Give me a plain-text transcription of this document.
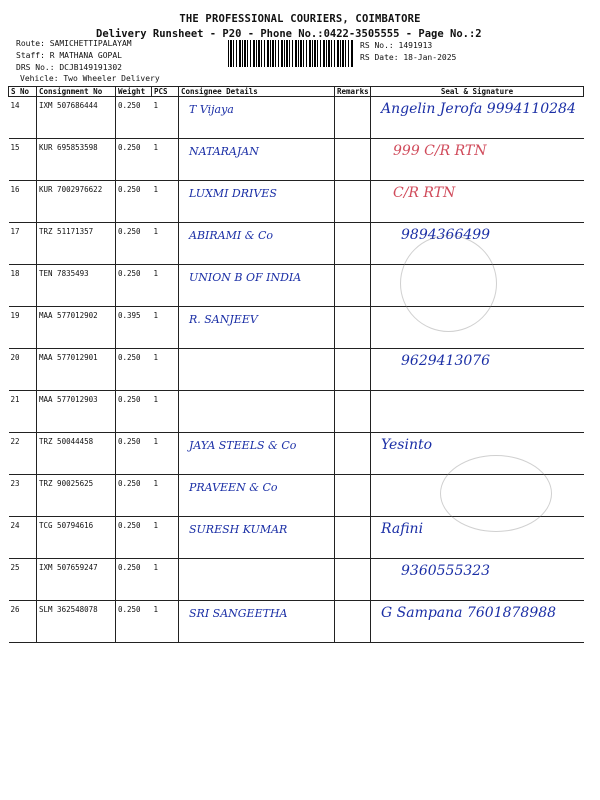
THE PROFESSIONAL COURIERS, COIMBATORE
Delivery Runsheet - P20 - Phone No.:0422-3505555 - Page No.:2
Route: SAMICHETTIPALAYAM
Staff: R MATHANA GOPAL
DRS No.: DCJB149191302
Vehicle: Two Wheeler Delivery
RS No.: 1491913
RS Date: 18-Jan-2025
S No	Consignment No	Weight	PCS	Consignee Details	Remarks	Seal & Signature
14	IXM 507686444	0.250	1	T Vijaya		Angelin Jerofa 9994110284
15	KUR 695853598	0.250	1	NATARAJAN		999 C/R RTN
16	KUR 7002976622	0.250	1	LUXMI DRIVES		C/R RTN
17	TRZ 51171357	0.250	1	ABIRAMI & Co		9894366499
18	TEN 7835493	0.250	1	UNION B OF INDIA		
19	MAA 577012902	0.395	1	R. SANJEEV		
20	MAA 577012901	0.250	1			9629413076
21	MAA 577012903	0.250	1			
22	TRZ 50044458	0.250	1	JAYA STEELS & Co		Yesinto
23	TRZ 90025625	0.250	1	PRAVEEN & Co		
24	TCG 50794616	0.250	1	SURESH KUMAR		Rafini
25	IXM 507659247	0.250	1			9360555323
26	SLM 362548078	0.250	1	SRI SANGEETHA		G Sampana 7601878988
